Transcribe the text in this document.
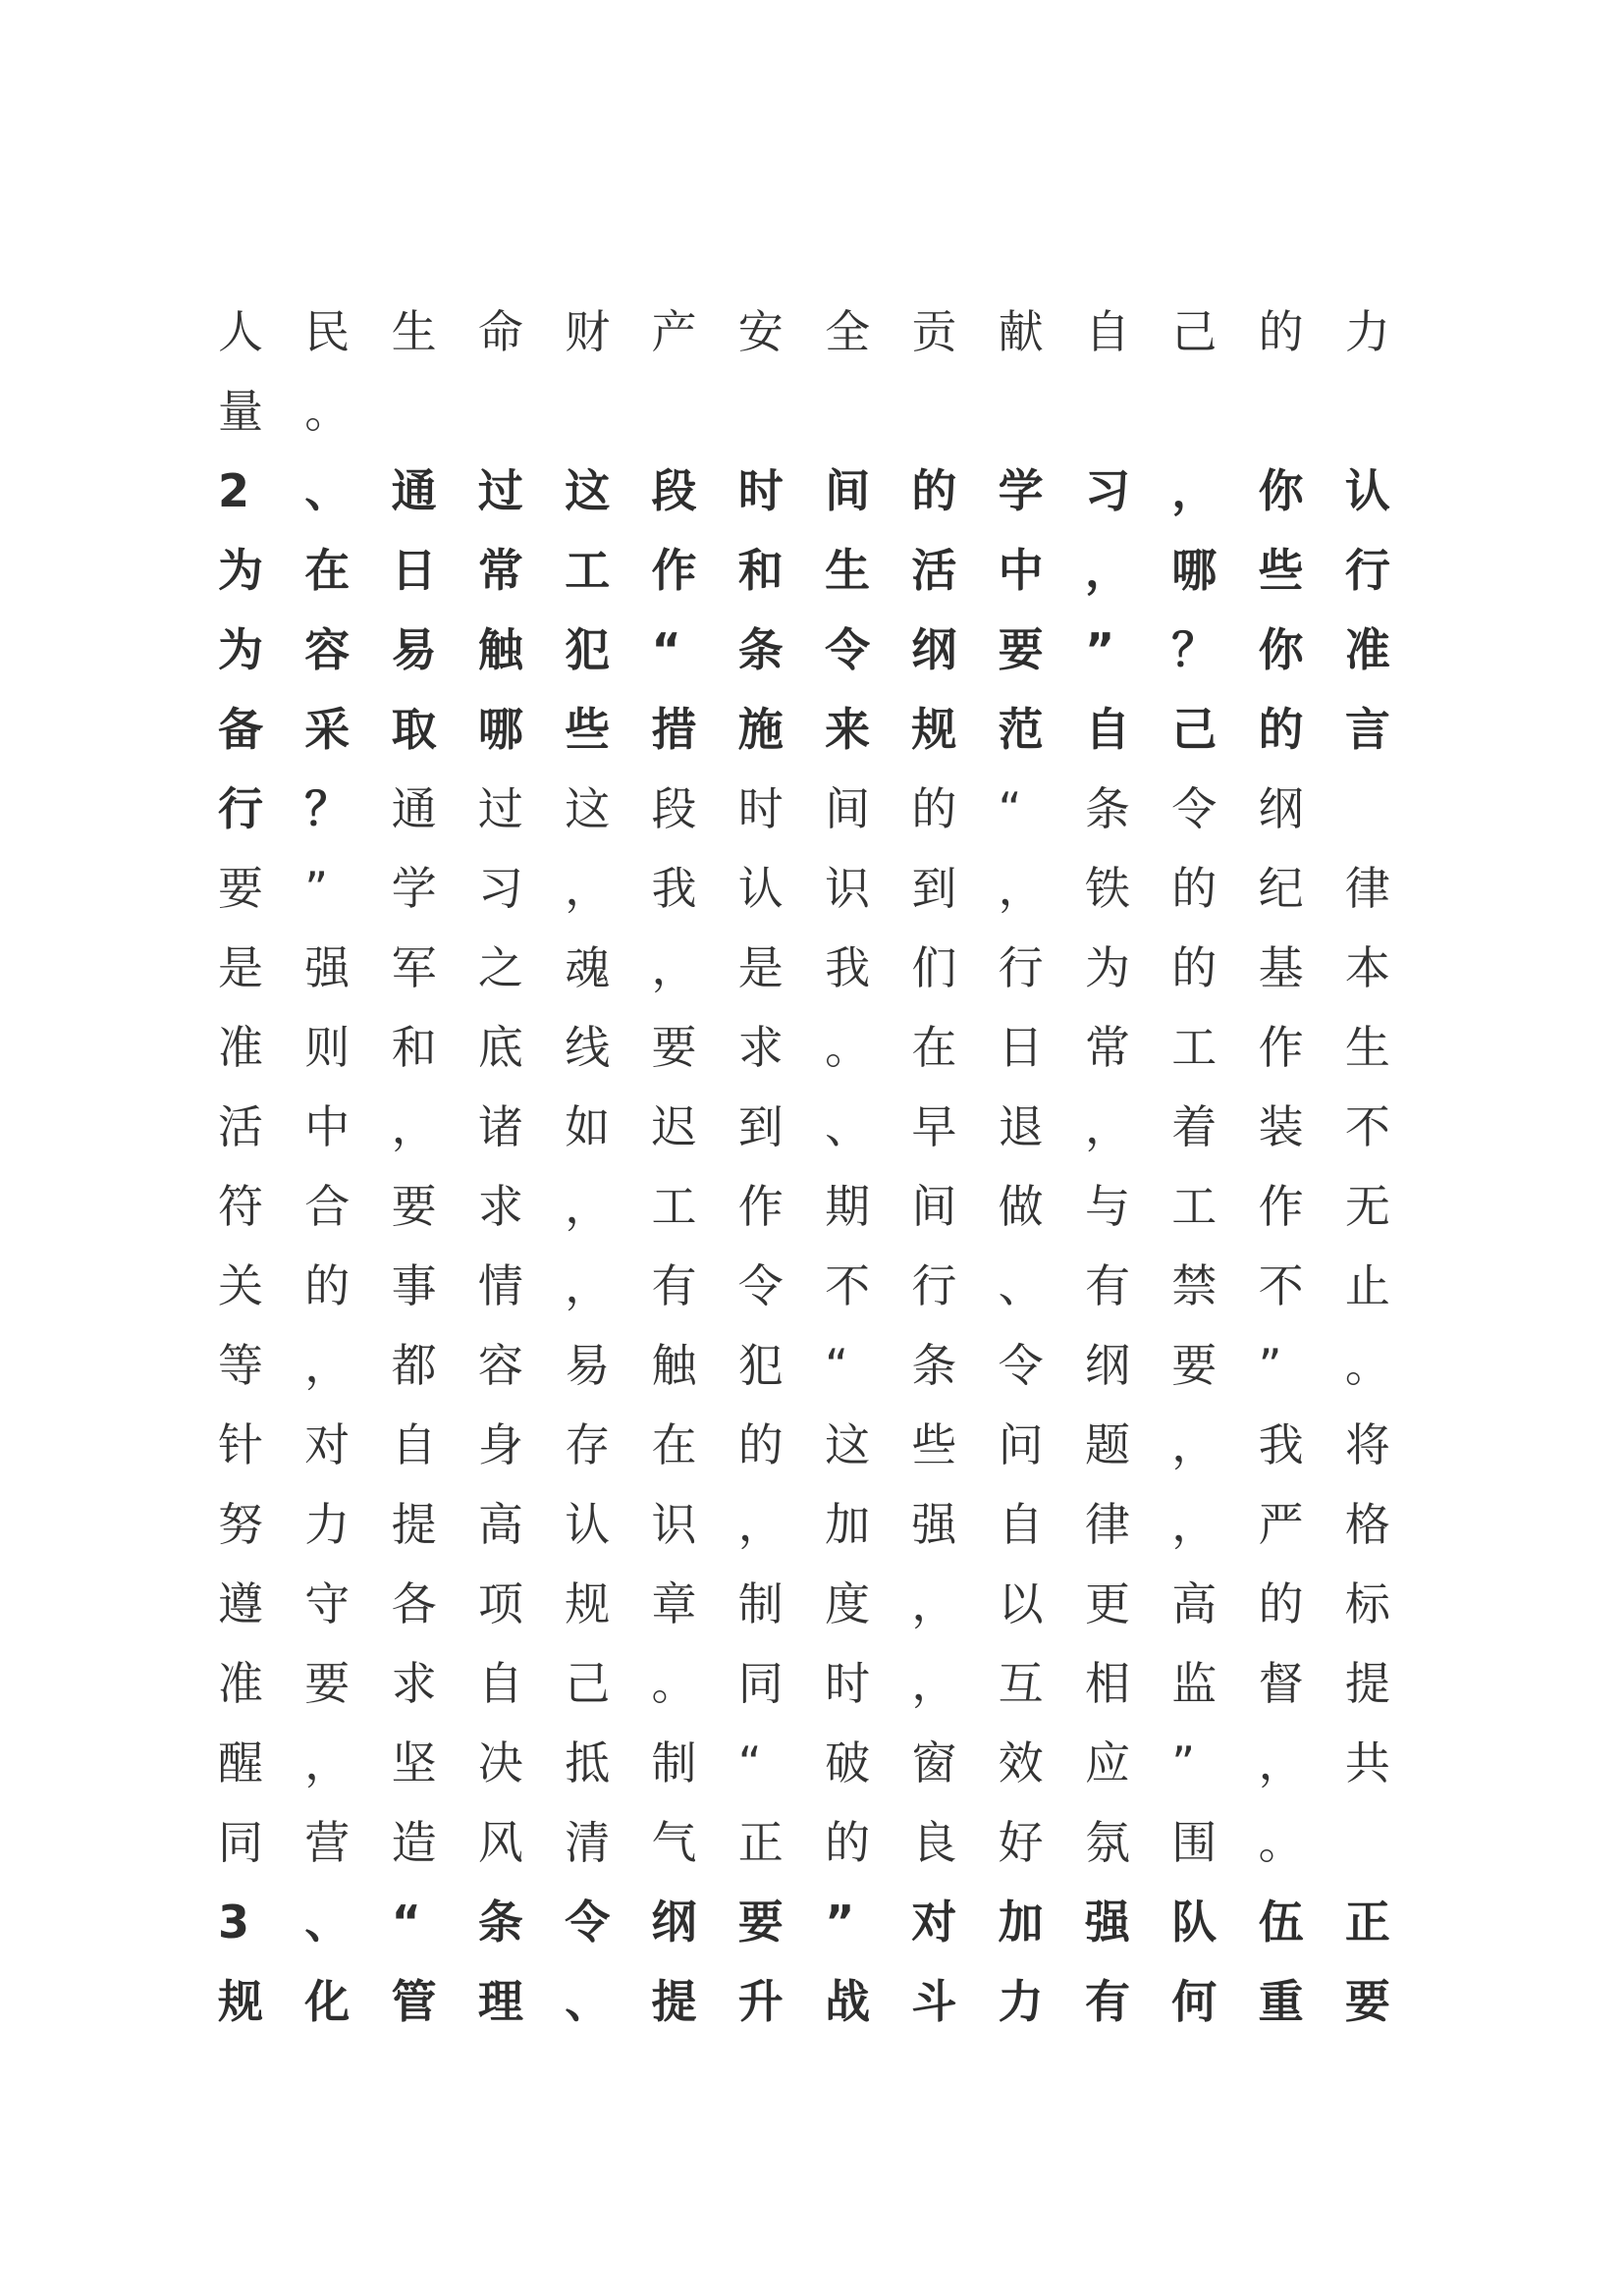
人 民 生 命 财 产 安 全 贡 献 自 己 的 力
量 。
2	、 通 过 这 段 时 间 的 学 习 ， 你 认
为 在 日 常 工 作 和 生 活 中 ， 哪 些 行
为 容 易 触 犯 “	条 令 纲 要 ”	？ 你 准
备 采 取 哪 些 措 施 来 规 范 自 己 的 言
行 ？ 通 过 这 段 时 间 的 “	条 令 纲
要 ”	学 习 ， 我 认 识 到 ， 铁 的 纪 律
是 强 军 之 魂 ， 是 我 们 行 为 的 基 本
准 则 和 底 线 要 求 。 在 日 常 工 作 生
活 中 ， 诸 如 迟 到 、 早 退 ， 着 装 不
符 合 要 求 ， 工 作 期 间 做 与 工 作 无
关 的 事 情 ， 有 令 不 行 、 有 禁 不 止
等 ， 都 容 易 触 犯 “	条 令 纲 要 ”	。
针 对 自 身 存 在 的 这 些 问 题 ， 我 将
努 力 提 高 认 识 ， 加 强 自 律 ， 严 格
遵 守 各 项 规 章 制 度 ， 以 更 高 的 标
准 要 求 自 己 。 同 时 ， 互 相 监 督 提
醒 ， 坚 决 抵 制 “	破 窗 效 应 ”	， 共
同 营 造 风 清 气 正 的 良 好 氛 围 。
3	、 “	条 令 纲 要 ”	对 加 强 队 伍 正
规 化 管 理 、 提 升 战 斗 力 有 何 重 要
